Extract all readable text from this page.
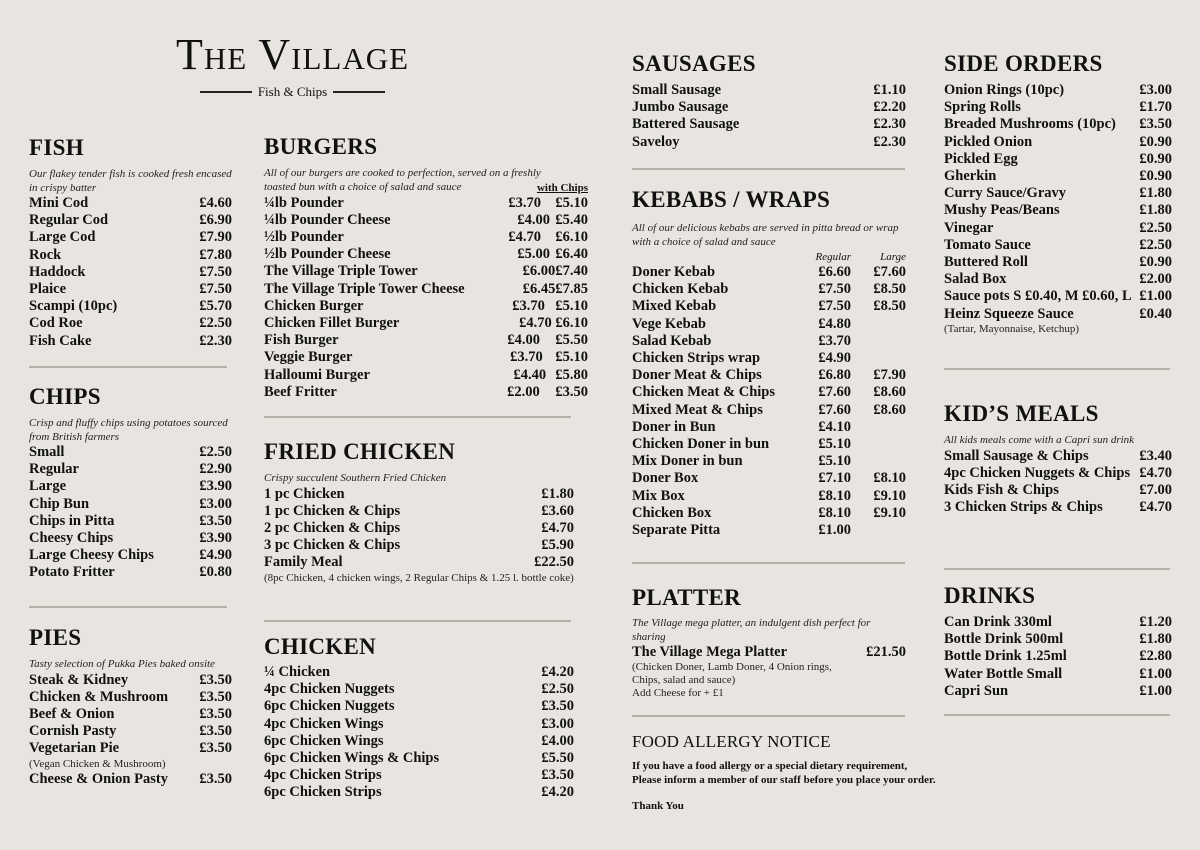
The Village
Fish & Chips
FISH
Our flakey tender fish is cooked fresh encased in crispy batter
Mini Cod	£4.60
Regular Cod	£6.90
Large Cod	£7.90
Rock	£7.80
Haddock	£7.50
Plaice	£7.50
Scampi (10pc)	£5.70
Cod Roe	£2.50
Fish Cake	£2.30
CHIPS
Crisp and fluffy chips using potatoes sourced from British farmers
Small	£2.50
Regular	£2.90
Large	£3.90
Chip Bun	£3.00
Chips in Pitta	£3.50
Cheesy Chips	£3.90
Large Cheesy Chips	£4.90
Potato Fritter	£0.80
PIES
Tasty selection of Pukka Pies baked onsite
Steak & Kidney	£3.50
Chicken & Mushroom	£3.50
Beef & Onion	£3.50
Cornish Pasty	£3.50
Vegetarian Pie	£3.50
(Vegan Chicken & Mushroom)
Cheese & Onion Pasty	£3.50
BURGERS
All of our burgers are cooked to perfection, served on a freshly
toasted bun with a choice of salad and sauce	with Chips
¼lb Pounder	£3.70 £5.10
¼lb Pounder Cheese	£4.00 £5.40
½lb Pounder	£4.70 £6.10
½lb Pounder Cheese	£5.00 £6.40
The Village Triple Tower	£6.00 £7.40
The Village Triple Tower Cheese	£6.45 £7.85
Chicken Burger	£3.70 £5.10
Chicken Fillet Burger	£4.70 £6.10
Fish Burger	£4.00	£5.50
Veggie Burger	£3.70 £5.10
Halloumi Burger	£4.40 £5.80
Beef Fritter	£2.00	£3.50
FRIED CHICKEN
Crispy succulent Southern Fried Chicken
1 pc Chicken	£1.80
1 pc Chicken & Chips	£3.60
2 pc Chicken & Chips	£4.70
3 pc Chicken & Chips	£5.90
Family Meal	£22.50
(8pc Chicken, 4 chicken wings, 2 Regular Chips & 1.25 l. bottle coke)
CHICKEN
¼ Chicken	£4.20
4pc Chicken Nuggets	£2.50
6pc Chicken Nuggets	£3.50
4pc Chicken Wings	£3.00
6pc Chicken Wings	£4.00
6pc Chicken Wings & Chips	£5.50
4pc Chicken Strips	£3.50
6pc Chicken Strips	£4.20
SAUSAGES
Small Sausage	£1.10
Jumbo Sausage	£2.20
Battered Sausage	£2.30
Saveloy	£2.30
KEBABS / WRAPS
All of our delicious kebabs are served in pitta bread or wrap with a choice of salad and sauce
Regular	Large
Doner Kebab	£6.60	£7.60
Chicken Kebab	£7.50	£8.50
Mixed Kebab	£7.50	£8.50
Vege Kebab	£4.80
Salad Kebab	£3.70
Chicken Strips wrap	£4.90
Doner Meat & Chips	£6.80	£7.90
Chicken Meat & Chips	£7.60	£8.60
Mixed Meat & Chips	£7.60	£8.60
Doner in Bun	£4.10
Chicken Doner in bun	£5.10
Mix Doner in bun	£5.10
Doner Box	£7.10	£8.10
Mix Box	£8.10	£9.10
Chicken Box	£8.10	£9.10
Separate Pitta	£1.00
PLATTER
The Village mega platter, an indulgent dish perfect for sharing
The Village Mega Platter	£21.50
(Chicken Doner, Lamb Doner, 4 Onion rings,
Chips, salad and sauce)
Add Cheese for + £1
FOOD ALLERGY NOTICE
If you have a food allergy or a special dietary requirement,
Please inform a member of our staff before you place your order.
Thank You
SIDE ORDERS
Onion Rings (10pc)	£3.00
Spring Rolls	£1.70
Breaded Mushrooms (10pc)	£3.50
Pickled Onion	£0.90
Pickled Egg	£0.90
Gherkin	£0.90
Curry Sauce/Gravy	£1.80
Mushy Peas/Beans	£1.80
Vinegar	£2.50
Tomato Sauce	£2.50
Buttered Roll	£0.90
Salad Box	£2.00
Sauce pots S £0.40, M £0.60, L £1.00
Heinz Squeeze Sauce	£0.40
(Tartar, Mayonnaise, Ketchup)
KID’S MEALS
All kids meals come with a Capri sun drink
Small Sausage & Chips	£3.40
4pc Chicken Nuggets & Chips £4.70
Kids Fish & Chips	£7.00
3 Chicken Strips & Chips	£4.70
DRINKS
Can Drink 330ml	£1.20
Bottle Drink 500ml	£1.80
Bottle Drink 1.25ml	£2.80
Water Bottle Small	£1.00
Capri Sun	£1.00
